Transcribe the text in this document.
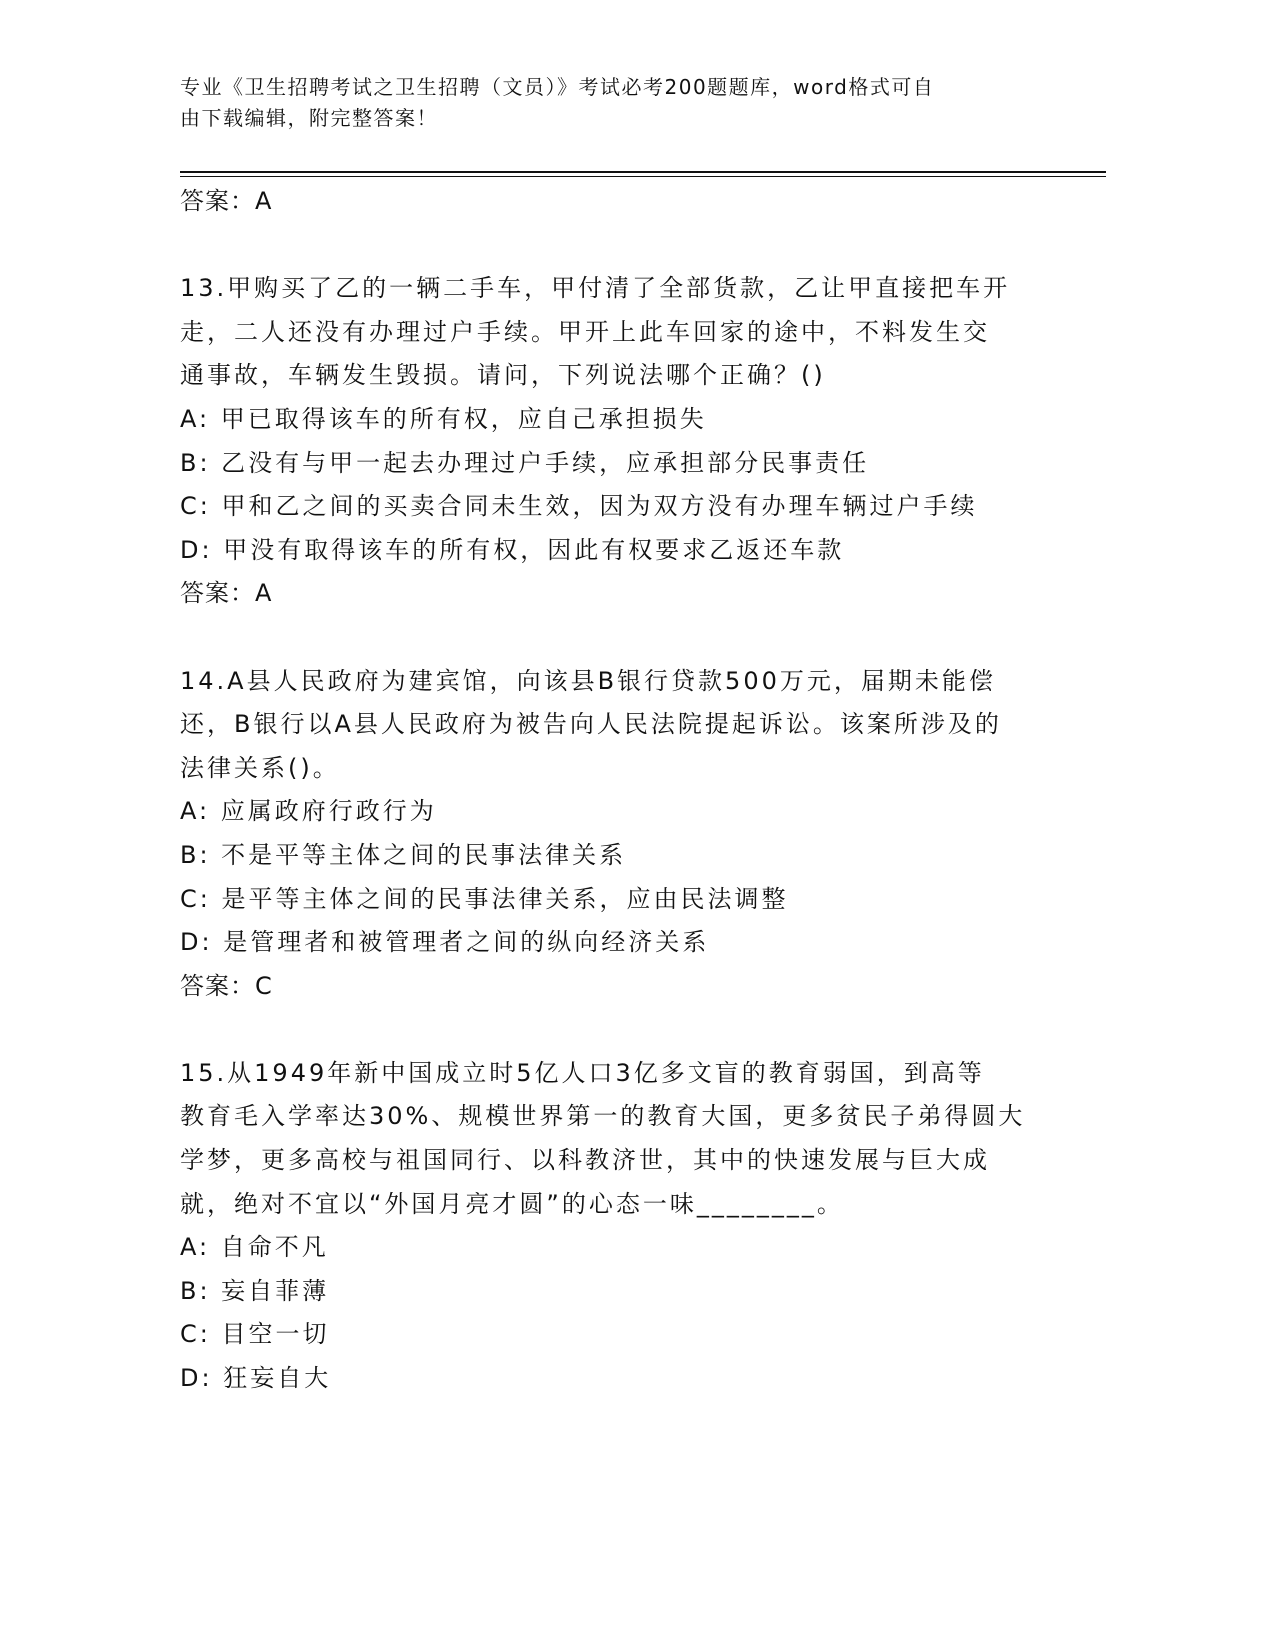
专业《卫生招聘考试之卫生招聘（文员）》考试必考200题题库，word格式可自
由下载编辑，附完整答案！
答案：A
13.甲购买了乙的一辆二手车，甲付清了全部货款，乙让甲直接把车开
走，二人还没有办理过户手续。甲开上此车回家的途中，不料发生交
通事故，车辆发生毁损。请问，下列说法哪个正确？()
A: 甲已取得该车的所有权，应自己承担损失
B: 乙没有与甲一起去办理过户手续，应承担部分民事责任
C: 甲和乙之间的买卖合同未生效，因为双方没有办理车辆过户手续
D: 甲没有取得该车的所有权，因此有权要求乙返还车款
答案：A
14.A县人民政府为建宾馆，向该县B银行贷款500万元，届期未能偿
还，B银行以A县人民政府为被告向人民法院提起诉讼。该案所涉及的
法律关系()。
A: 应属政府行政行为
B: 不是平等主体之间的民事法律关系
C: 是平等主体之间的民事法律关系，应由民法调整
D: 是管理者和被管理者之间的纵向经济关系
答案：C
15.从1949年新中国成立时5亿人口3亿多文盲的教育弱国，到高等
教育毛入学率达30%、规模世界第一的教育大国，更多贫民子弟得圆大
学梦，更多高校与祖国同行、以科教济世，其中的快速发展与巨大成
就，绝对不宜以“外国月亮才圆”的心态一味________。
A: 自命不凡
B: 妄自菲薄
C: 目空一切
D: 狂妄自大
